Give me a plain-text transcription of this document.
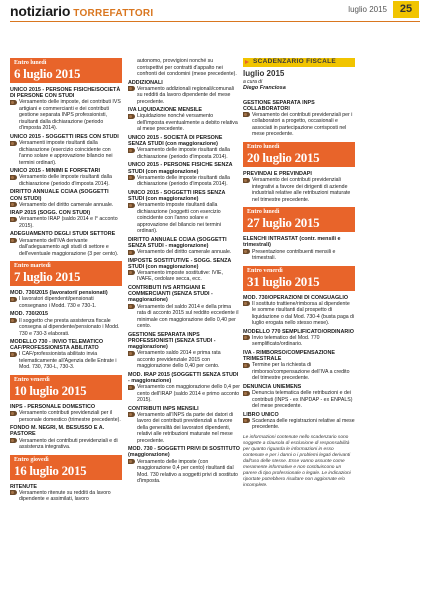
notiziario TORREFATTORI	luglio 2015	25
Entro lunedì
6 luglio 2015
UNICO 2015 - PERSONE FISICHE/SOCIETÀ DI PERSONE CON STUDI
Versamento delle imposte, dei contributi IVS artigiani e commercianti e dei contributi gestione separata INPS professionisti, risultanti dalla dichiarazione (periodo d'imposta 2014).
UNICO 2015 - SOGGETTI IRES CON STUDI
Versamenti imposte risultanti dalla dichiarazione (esercizio coincidente con l'anno solare e approvazione bilancio nei termini ordinari).
UNICO 2015 - MINIMI E FORFETARI
Versamento delle imposte risultanti dalla dichiarazione (periodo d'imposta 2014).
DIRITTO ANNUALE CCIAA (SOGGETTI CON STUDI)
Versamento del diritto camerale annuale.
IRAP 2015 (SOGG. CON STUDI)
Versamento IRAP (saldo 2014 e I° acconto 2015).
ADEGUAMENTO DEGLI STUDI SETTORE
Versamento dell'IVA derivante dall'adeguamento agli studi di settore e dell'eventuale maggiorazione (3 per cento).
Entro martedì
7 luglio 2015
MOD. 730/2015 (lavoratori/ pensionati)
I lavoratori dipendenti/pensionati consegnano i Modd. 730 e 730-1.
MOD. 730/2015
Il soggetto che presta assistenza fiscale consegna al dipendente/pensionato i Modd. 730 e 730-3 elaborati.
MODELLO 730 - INVIO TELEMATICO CAF/PROFESSIONISTA ABILITATO
I CAF/professionista abilitato invia telematicamente all'Agenzia delle Entrate i Mod. 730, 730-L, 730-3.
Entro venerdì
10 luglio 2015
INPS - PERSONALE DOMESTICO
Versamento contributi previdenziali per il personale domestico (trimestre precedente).
FONDO M. NEGRI, M. BESUSSO E A. PASTORE
Versamento dei contributi previdenziali e di assistenza integrativa.
Entro giovedì
16 luglio 2015
RITENUTE
Versamento ritenute su redditi da lavoro dipendente e assimilati, lavoro
autonomo, provvigioni nonché su corrispettivi per contratti d'appalto nei confronti dei condomini (mese precedente).
ADDIZIONALI
Versamento addizionali regionali/comunali su redditi da lavoro dipendente del mese precedente.
IVA LIQUIDAZIONE MENSILE
Liquidazione nonché versamento dell'imposta eventualmente a debito relativa al mese precedente.
UNICO 2015 - SOCIETÀ DI PERSONE SENZA STUDI (con maggiorazione)
Versamento delle imposte risultanti dalla dichiarazione (periodo d'imposta 2014).
UNICO 2015 - PERSONE FISICHE SENZA STUDI (con maggiorazione)
Versamento delle imposte risultanti dalla dichiarazione (periodo d'imposta 2014).
UNICO 2015 - SOGGETTI IRES SENZA STUDI (con maggiorazione)
Versamento imposte risultanti dalla dichiarazione (soggetti con esercizio coincidente con l'anno solare e approvazione del bilancio nei termini ordinari).
DIRITTO ANNUALE CCIAA (SOGGETTI SENZA STUDI - maggiorazione)
Versamento del diritto camerale annuale.
IMPOSTE SOSTITUTIVE - SOGG. SENZA STUDI (con maggiorazione)
Versamento imposte sostitutive: IVIE, IVAFE, cedolare secca, ecc.
CONTRIBUTI IVS ARTIGIANI E COMMERCIANTI (SENZA STUDI - maggiorazione)
Versamento del saldo 2014 e della prima rata di acconto 2015 sul reddito eccedente il minimale con maggiorazione dello 0,40 per cento.
GESTIONE SEPARATA INPS PROFESSIONISTI (SENZA STUDI - maggiorazione)
Versamento saldo 2014 e prima rata acconto previdenziale 2015 con maggiorazione dello 0,40 per cento.
MOD. IRAP 2015 (SOGGETTI SENZA STUDI - maggiorazione)
Versamento con maggiorazione dello 0,4 per cento dell'IRAP (saldo 2014 e primo acconto 2015).
CONTRIBUTI INPS MENSILI
Versamento all'INPS da parte dei datori di lavoro dei contributi previdenziali a favore della generalità dei lavoratori dipendenti, relativi alle retribuzioni maturate nel mese precedente.
MOD. 730 - SOGGETTI PRIVI DI SOSTITUTO (maggiorazione)
Versamento delle imposte (con maggiorazione 0,4 per cento) risultanti dal Mod. 730 relativo a soggetti privi di sostituto d'imposta.
SCADENZARIO FISCALE
luglio 2015
a cura di
Diego Franciosa
GESTIONE SEPARATA INPS COLLABORATORI
Versamento dei contributi previdenziali per i collaboratori a progetto, occasionali e associati in partecipazione corrisposti nel mese precedente.
Entro lunedì
20 luglio 2015
PREVINDAI E PREVINDAPI
Versamento dei contributi previdenziali integrativi a favore dei dirigenti di aziende industriali relative alle retribuzioni maturate nel trimestre precedente.
Entro lunedì
27 luglio 2015
ELENCHI INTRASTAT (contr. mensili e trimestrali)
Presentazione contribuenti mensili e trimestrali.
Entro venerdì
31 luglio 2015
MOD. 730/OPERAZIONI DI CONGUAGLIO
Il sostituto trattiene/rimborsa al dipendente le somme risultanti dal prospetto di liquidazione o dal Mod. 730-4 (busta paga di luglio erogata nello stesso mese).
MODELLO 770 SEMPLIFICATO/ORDINARIO
Invio telematico del Mod. 770 semplificato/ordinario.
IVA - RIMBORSO/COMPENSAZIONE TRIMESTRALE
Termine per la richiesta di rimborso/compensazione dell'IVA a credito del trimestre precedente.
DENUNCIA UNIEMENS
Denuncia telematica delle retribuzioni e dei contributi (INPS - ex INPDAP - ex ENPALS) del mese precedente.
LIBRO UNICO
Scadenza delle registrazioni relative al mese precedente.
Le informazioni contenute nello scadenzario sono soggette a clausola di esclusione di responsabilità per quanto riguarda le informazioni in esso contenute e per i danni o i problemi legati derivanti dall'uso delle stesse. Esse vanno assunte come meramente informative e non costituiscono un parere di tipo professionale o legale. Le indicazioni riportate potrebbero risultare non aggiornate e/o incomplete.
